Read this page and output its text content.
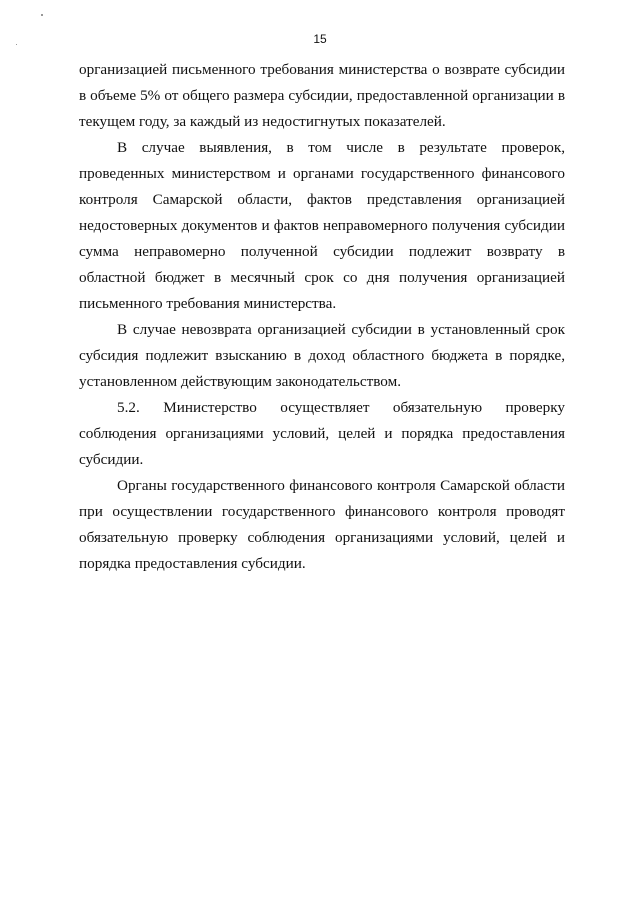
15

организацией письменного требования министерства о возврате субсидии в объеме 5% от общего размера субсидии, предоставленной организации в текущем году, за каждый из недостигнутых показателей.

В случае выявления, в том числе в результате проверок, проведенных министерством и органами государственного финансового контроля Самарской области, фактов представления организацией недостоверных документов и фактов неправомерного получения субсидии сумма неправомерно полученной субсидии подлежит возврату в областной бюджет в месячный срок со дня получения организацией письменного требования министерства.

В случае невозврата организацией субсидии в установленный срок субсидия подлежит взысканию в доход областного бюджета в порядке, установленном действующим законодательством.

5.2. Министерство осуществляет обязательную проверку соблюдения организациями условий, целей и порядка предоставления субсидии.

Органы государственного финансового контроля Самарской области при осуществлении государственного финансового контроля проводят обязательную проверку соблюдения организациями условий, целей и порядка предоставления субсидии.
